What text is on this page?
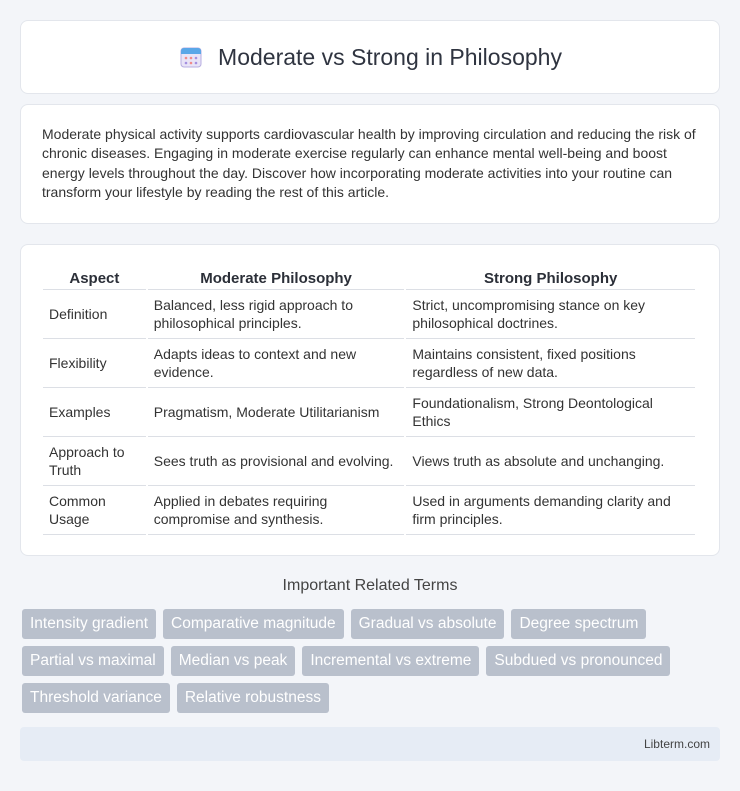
Moderate vs Strong in Philosophy

Moderate physical activity supports cardiovascular health by improving circulation and reducing the risk of chronic diseases. Engaging in moderate exercise regularly can enhance mental well-being and boost energy levels throughout the day. Discover how incorporating moderate activities into your routine can transform your lifestyle by reading the rest of this article.

Aspect	Moderate Philosophy	Strong Philosophy
Definition	Balanced, less rigid approach to philosophical principles.	Strict, uncompromising stance on key philosophical doctrines.
Flexibility	Adapts ideas to context and new evidence.	Maintains consistent, fixed positions regardless of new data.
Examples	Pragmatism, Moderate Utilitarianism	Foundationalism, Strong Deontological Ethics
Approach to Truth	Sees truth as provisional and evolving.	Views truth as absolute and unchanging.
Common Usage	Applied in debates requiring compromise and synthesis.	Used in arguments demanding clarity and firm principles.
Important Related Terms
Intensity gradient	Comparative magnitude	Gradual vs absolute	Degree spectrum
Partial vs maximal	Median vs peak	Incremental vs extreme	Subdued vs pronounced
Threshold variance	Relative robustness
Libterm.com
